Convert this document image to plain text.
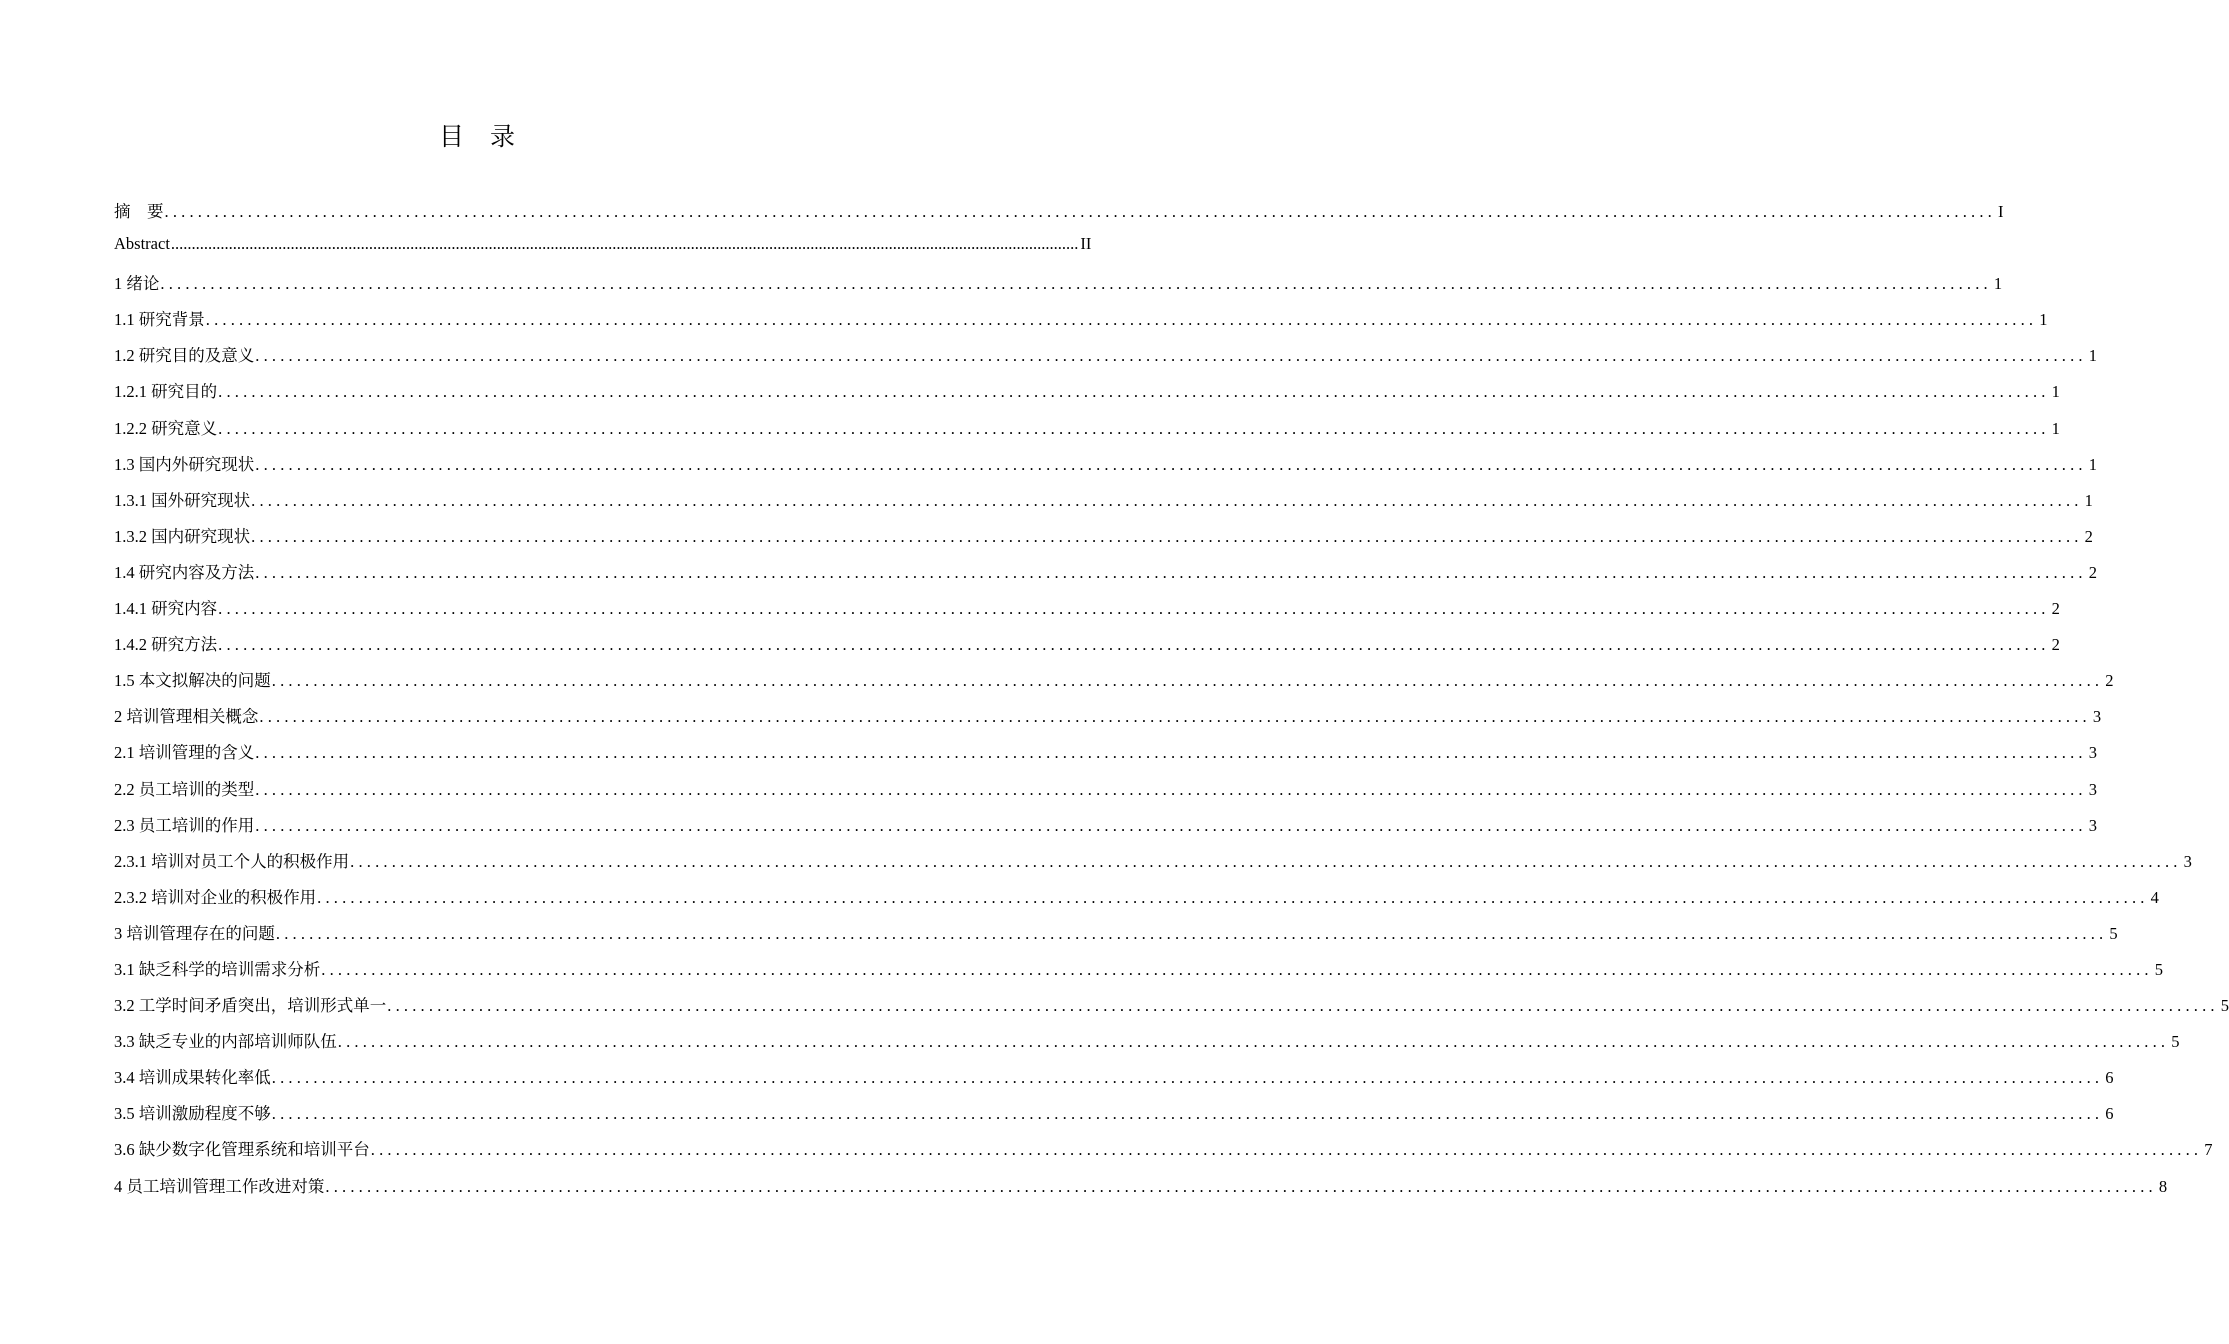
目录
摘　要 ............................................................................................................................................................................................................................ I
Abstract ............................................................................................................................................................................................................................ II
1 绪论 ............................................................................................................................................................................................................................ 1
1.1 研究背景 ............................................................................................................................................................................................................................ 1
1.2 研究目的及意义 ............................................................................................................................................................................................................................ 1
1.2.1 研究目的 ............................................................................................................................................................................................................................ 1
1.2.2 研究意义 ............................................................................................................................................................................................................................ 1
1.3 国内外研究现状 ............................................................................................................................................................................................................................ 1
1.3.1 国外研究现状 ............................................................................................................................................................................................................................ 1
1.3.2 国内研究现状 ............................................................................................................................................................................................................................ 2
1.4 研究内容及方法 ............................................................................................................................................................................................................................ 2
1.4.1 研究内容 ............................................................................................................................................................................................................................ 2
1.4.2 研究方法 ............................................................................................................................................................................................................................ 2
1.5 本文拟解决的问题 ............................................................................................................................................................................................................................ 2
2 培训管理相关概念 ............................................................................................................................................................................................................................ 3
2.1 培训管理的含义 ............................................................................................................................................................................................................................ 3
2.2 员工培训的类型 ............................................................................................................................................................................................................................ 3
2.3 员工培训的作用 ............................................................................................................................................................................................................................ 3
2.3.1 培训对员工个人的积极作用 ............................................................................................................................................................................................................................ 3
2.3.2 培训对企业的积极作用 ............................................................................................................................................................................................................................ 4
3 培训管理存在的问题 ............................................................................................................................................................................................................................ 5
3.1 缺乏科学的培训需求分析 ............................................................................................................................................................................................................................ 5
3.2 工学时间矛盾突出，培训形式单一 ............................................................................................................................................................................................................................ 5
3.3 缺乏专业的内部培训师队伍 ............................................................................................................................................................................................................................ 5
3.4 培训成果转化率低 ............................................................................................................................................................................................................................ 6
3.5 培训激励程度不够 ............................................................................................................................................................................................................................ 6
3.6 缺少数字化管理系统和培训平台 ............................................................................................................................................................................................................................ 7
4 员工培训管理工作改进对策 ............................................................................................................................................................................................................................ 8
